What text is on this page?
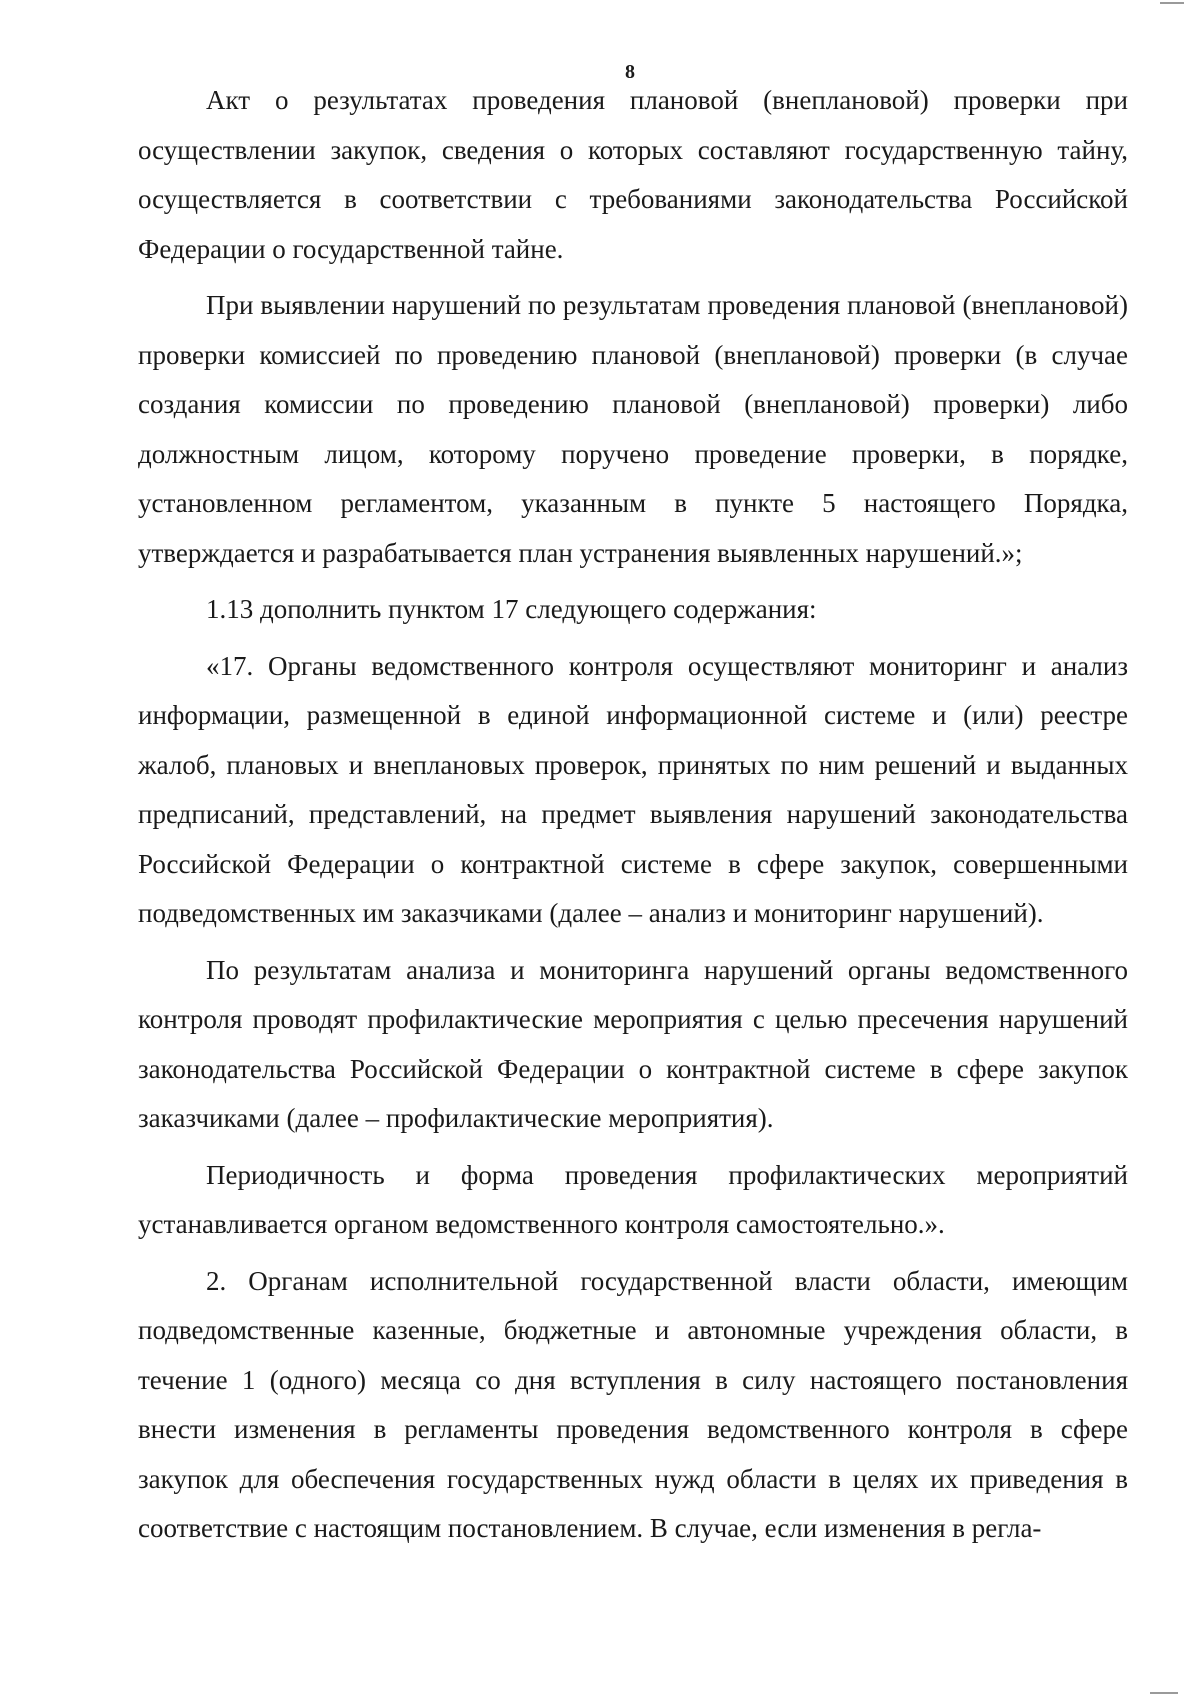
8

Акт о результатах проведения плановой (внеплановой) проверки при осуществлении закупок, сведения о которых составляют государственную тайну, осуществляется в соответствии с требованиями законодательства Российской Федерации о государственной тайне.

При выявлении нарушений по результатам проведения плановой (внеплановой) проверки комиссией по проведению плановой (внеплановой) проверки (в случае создания комиссии по проведению плановой (внеплановой) проверки) либо должностным лицом, которому поручено проведение проверки, в порядке, установленном регламентом, указанным в пункте 5 настоящего Порядка, утверждается и разрабатывается план устранения выявленных нарушений.»;

1.13 дополнить пунктом 17 следующего содержания:

«17. Органы ведомственного контроля осуществляют мониторинг и анализ информации, размещенной в единой информационной системе и (или) реестре жалоб, плановых и внеплановых проверок, принятых по ним решений и выданных предписаний, представлений, на предмет выявления нарушений законодательства Российской Федерации о контрактной системе в сфере закупок, совершенными подведомственных им заказчиками (далее – анализ и мониторинг нарушений).

По результатам анализа и мониторинга нарушений органы ведомственного контроля проводят профилактические мероприятия с целью пресечения нарушений законодательства Российской Федерации о контрактной системе в сфере закупок заказчиками (далее – профилактические мероприятия).

Периодичность и форма проведения профилактических мероприятий устанавливается органом ведомственного контроля самостоятельно.».

2. Органам исполнительной государственной власти области, имеющим подведомственные казенные, бюджетные и автономные учреждения области, в течение 1 (одного) месяца со дня вступления в силу настоящего постановления внести изменения в регламенты проведения ведомственного контроля в сфере закупок для обеспечения государственных нужд области в целях их приведения в соответствие с настоящим постановлением. В случае, если изменения в регла-
